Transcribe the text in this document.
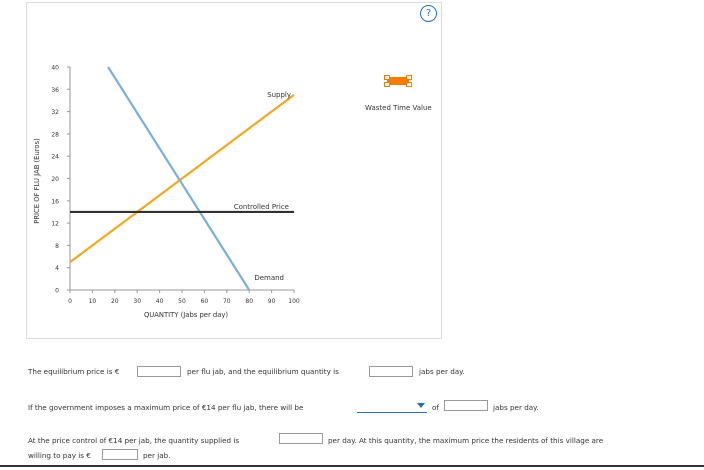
0
4
8
12
16
20
24
28
32
36
40
0	10 20 30 40 50 60 70 80 90 100
QUANTITY (Jabs per day)
PRICE OF FLU JAB (Euros)
Supply
Demand
Controlled Price
Wasted Time Value
?
The equilibrium price is €	per flu jab, and the equilibrium quantity is	jabs per day.
If the government imposes a maximum price of €14 per flu jab, there will be	of	jabs per day.
At the price control of €14 per jab, the quantity supplied is	per day. At this quantity, the maximum price the residents of this village are
willing to pay is €	per jab.
